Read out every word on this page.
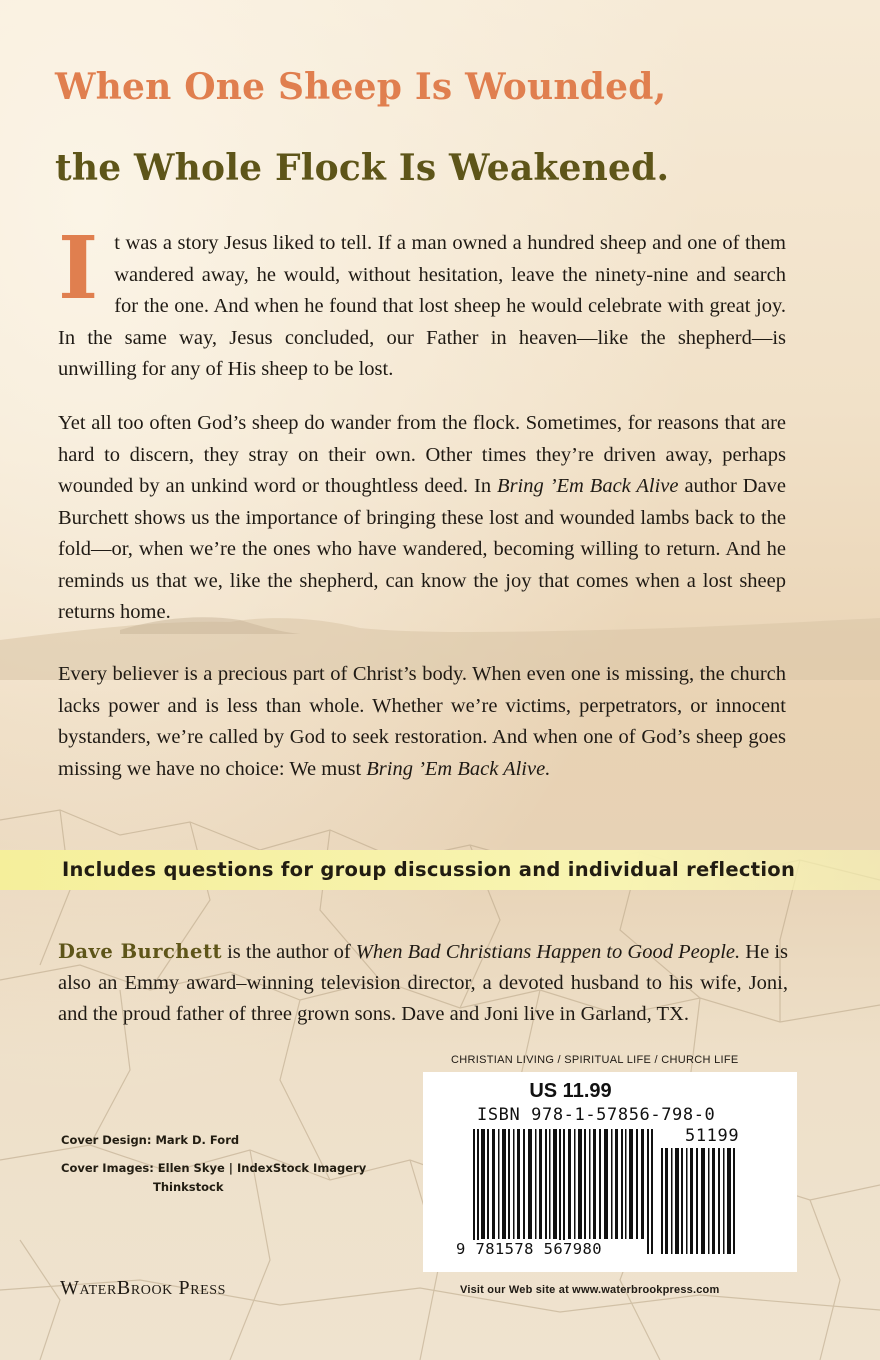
When One Sheep Is Wounded,
the Whole Flock Is Weakened.

It was a story Jesus liked to tell. If a man owned a hundred sheep and one of them wandered away, he would, without hesitation, leave the ninety-nine and search for the one. And when he found that lost sheep he would celebrate with great joy. In the same way, Jesus concluded, our Father in heaven—like the shepherd—is unwilling for any of His sheep to be lost.

Yet all too often God’s sheep do wander from the flock. Sometimes, for reasons that are hard to discern, they stray on their own. Other times they’re driven away, perhaps wounded by an unkind word or thoughtless deed. In Bring ’Em Back Alive author Dave Burchett shows us the importance of bringing these lost and wounded lambs back to the fold—or, when we’re the ones who have wandered, becoming willing to return. And he reminds us that we, like the shepherd, can know the joy that comes when a lost sheep returns home.

Every believer is a precious part of Christ’s body. When even one is missing, the church lacks power and is less than whole. Whether we’re victims, perpetrators, or innocent bystanders, we’re called by God to seek restoration. And when one of God’s sheep goes missing we have no choice: We must Bring ’Em Back Alive.

Includes questions for group discussion and individual reflection

Dave Burchett is the author of When Bad Christians Happen to Good People. He is also an Emmy award–winning television director, a devoted husband to his wife, Joni, and the proud father of three grown sons. Dave and Joni live in Garland, TX.

CHRISTIAN LIVING / SPIRITUAL LIFE / CHURCH LIFE
US 11.99
ISBN 978-1-57856-798-0
51199
9 781578 567980
Cover Design: Mark D. Ford
Cover Images: Ellen Skye | IndexStock Imagery
Thinkstock
WaterBrook Press	Visit our Web site at www.waterbrookpress.com
